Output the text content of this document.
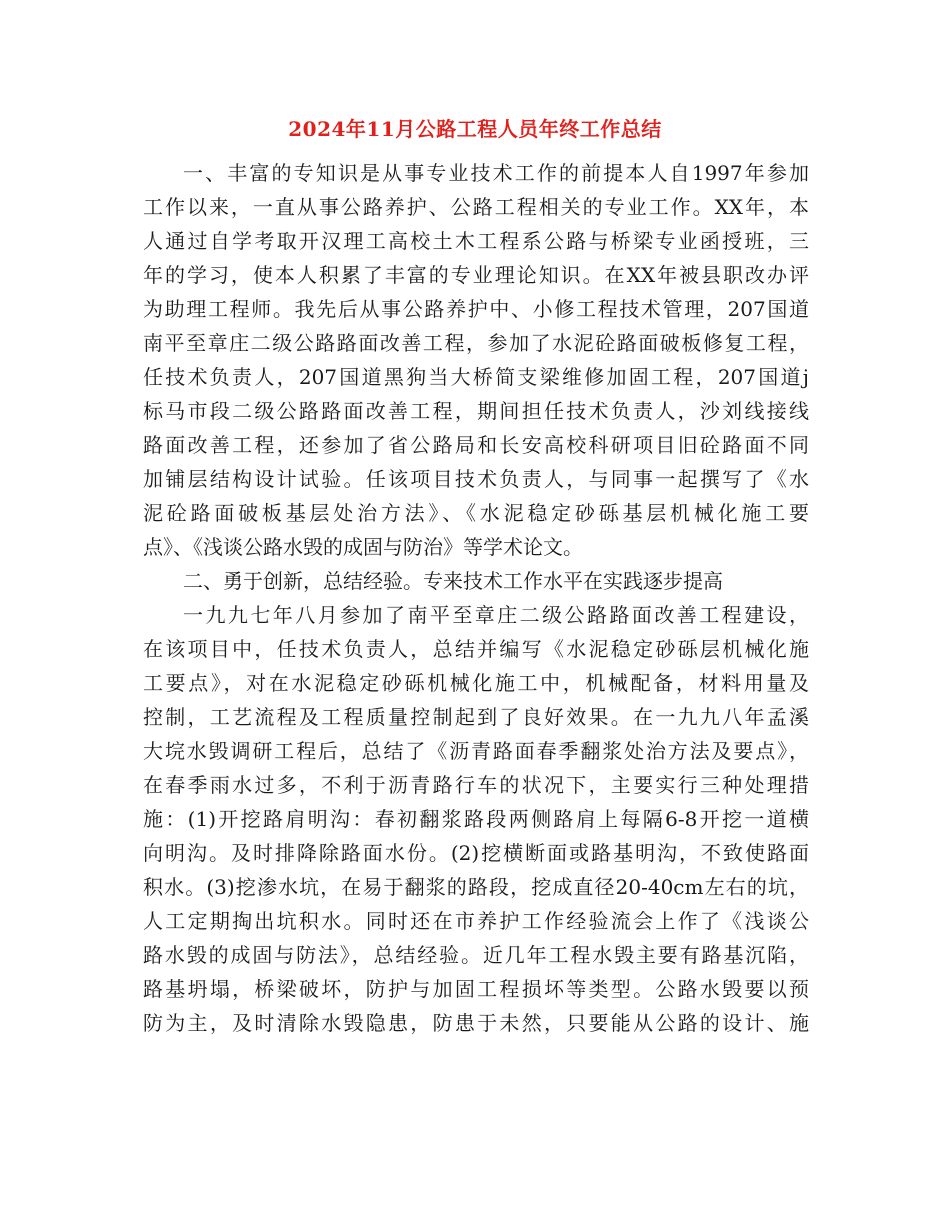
2024年11月公路工程人员年终工作总结
一、丰富的专知识是从事专业技术工作的前提本人自1997年参加
工作以来，一直从事公路养护、公路工程相关的专业工作。XX年，本
人通过自学考取开汉理工高校土木工程系公路与桥梁专业函授班，三
年的学习，使本人积累了丰富的专业理论知识。在XX年被县职改办评
为助理工程师。我先后从事公路养护中、小修工程技术管理，207国道
南平至章庄二级公路路面改善工程，参加了水泥砼路面破板修复工程，
任技术负责人，207国道黑狗当大桥简支梁维修加固工程，207国道j
标马市段二级公路路面改善工程，期间担任技术负责人，沙刘线接线
路面改善工程，还参加了省公路局和长安高校科研项目旧砼路面不同
加铺层结构设计试验。任该项目技术负责人，与同事一起撰写了《水
泥砼路面破板基层处治方法》、《水泥稳定砂砾基层机械化施工要
点》、《浅谈公路水毁的成固与防治》等学术论文。
二、勇于创新，总结经验。专来技术工作水平在实践逐步提高
一九九七年八月参加了南平至章庄二级公路路面改善工程建设，
在该项目中，任技术负责人，总结并编写《水泥稳定砂砾层机械化施
工要点》，对在水泥稳定砂砾机械化施工中，机械配备，材料用量及
控制，工艺流程及工程质量控制起到了良好效果。在一九九八年孟溪
大垸水毁调研工程后，总结了《沥青路面春季翻浆处治方法及要点》，
在春季雨水过多，不利于沥青路行车的状况下，主要实行三种处理措
施：(1)开挖路肩明沟：春初翻浆路段两侧路肩上每隔6-8开挖一道横
向明沟。及时排降除路面水份。(2)挖横断面或路基明沟，不致使路面
积水。(3)挖渗水坑，在易于翻浆的路段，挖成直径20-40cm左右的坑，
人工定期掏出坑积水。同时还在市养护工作经验流会上作了《浅谈公
路水毁的成固与防法》，总结经验。近几年工程水毁主要有路基沉陷，
路基坍塌，桥梁破坏，防护与加固工程损坏等类型。公路水毁要以预
防为主，及时清除水毁隐患，防患于未然，只要能从公路的设计、施
